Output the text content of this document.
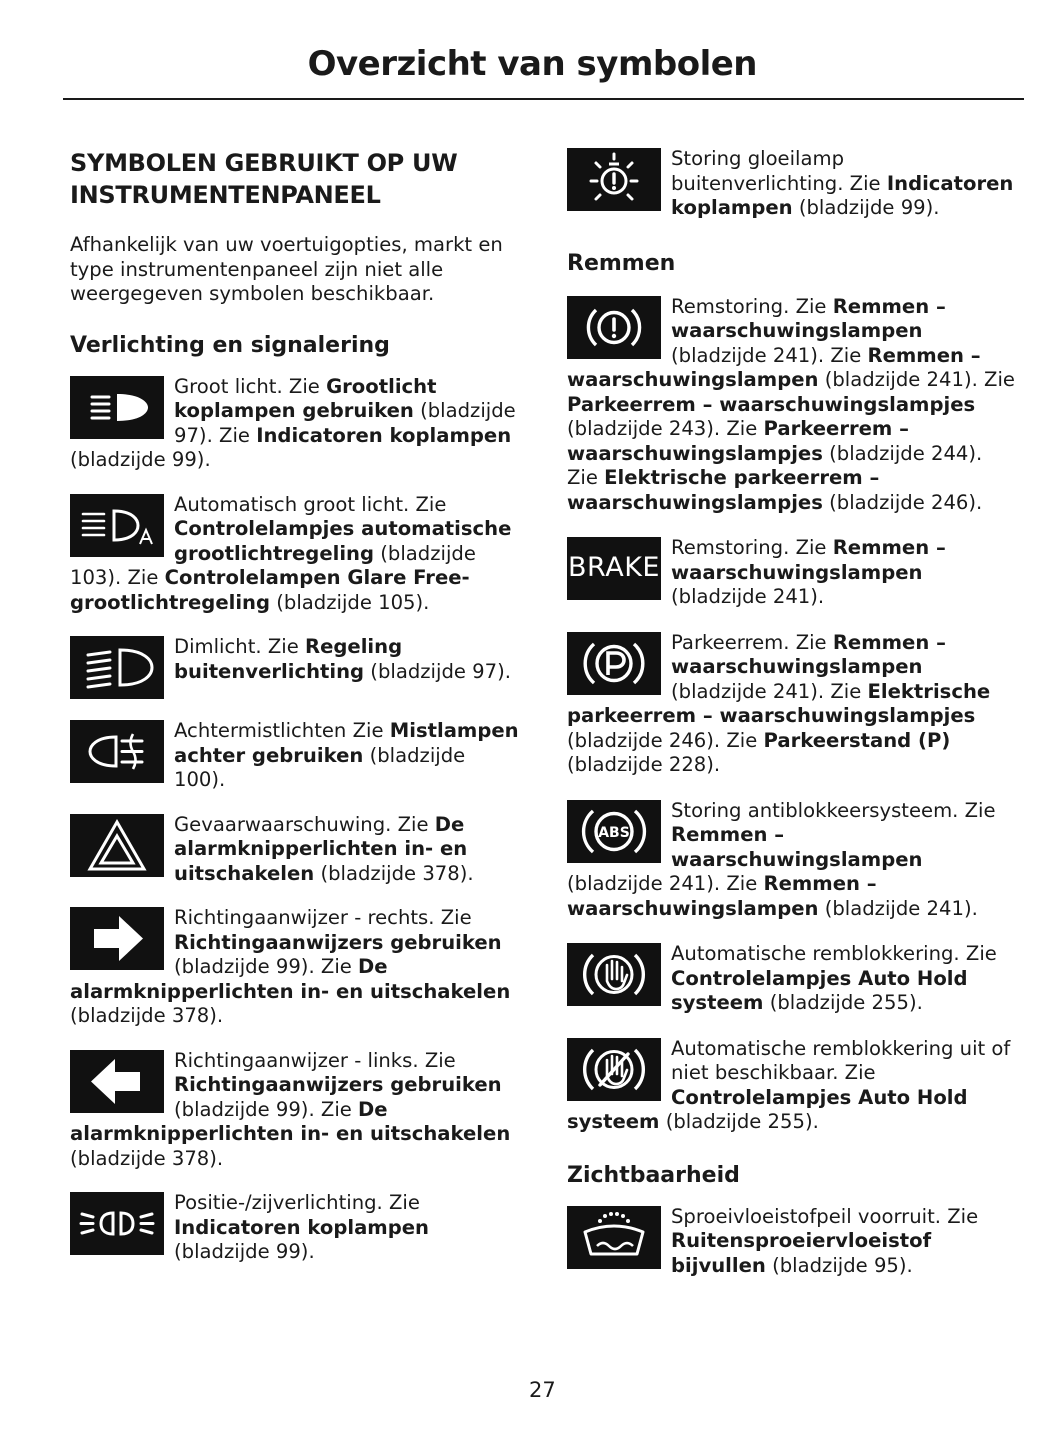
Overzicht van symbolen
SYMBOLEN GEBRUIKT OP UW INSTRUMENTENPANEEL

Afhankelijk van uw voertuigopties, markt en type instrumentenpaneel zijn niet alle weergegeven symbolen beschikbaar.

Verlichting en signalering
Groot licht. Zie Grootlicht koplampen gebruiken (bladzijde 97). Zie Indicatoren koplampen (bladzijde 99).
Automatisch groot licht. Zie Controlelampjes automatische grootlichtregeling (bladzijde 103). Zie Controlelampen Glare Free-grootlichtregeling (bladzijde 105).
Dimlicht. Zie Regeling buitenverlichting (bladzijde 97).
Achtermistlichten Zie Mistlampen achter gebruiken (bladzijde 100).
Gevaarwaarschuwing. Zie De alarmknipperlichten in- en uitschakelen (bladzijde 378).
Richtingaanwijzer - rechts. Zie Richtingaanwijzers gebruiken (bladzijde 99). Zie De alarmknipperlichten in- en uitschakelen (bladzijde 378).
Richtingaanwijzer - links. Zie Richtingaanwijzers gebruiken (bladzijde 99). Zie De alarmknipperlichten in- en uitschakelen (bladzijde 378).
Positie-/zijverlichting. Zie Indicatoren koplampen (bladzijde 99).
Storing gloeilamp buitenverlichting. Zie Indicatoren koplampen (bladzijde 99).
Remmen
Remstoring. Zie Remmen – waarschuwingslampen (bladzijde 241). Zie Remmen – waarschuwingslampen (bladzijde 241). Zie Parkeerrem – waarschuwingslampjes (bladzijde 243). Zie Parkeerrem – waarschuwingslampjes (bladzijde 244). Zie Elektrische parkeerrem – waarschuwingslampjes (bladzijde 246).
BRAKE
Remstoring. Zie Remmen – waarschuwingslampen (bladzijde 241).
Parkeerrem. Zie Remmen – waarschuwingslampen (bladzijde 241). Zie Elektrische parkeerrem – waarschuwingslampjes (bladzijde 246). Zie Parkeerstand (P) (bladzijde 228).
ABS
Storing antiblokkeersysteem. Zie Remmen – waarschuwingslampen (bladzijde 241). Zie Remmen – waarschuwingslampen (bladzijde 241).
Automatische remblokkering. Zie Controlelampjes Auto Hold systeem (bladzijde 255).
Automatische remblokkering uit of niet beschikbaar. Zie Controlelampjes Auto Hold systeem (bladzijde 255).
Zichtbaarheid
Sproeivloeistofpeil voorruit. Zie Ruitensproeiervloeistof bijvullen (bladzijde 95).
27
